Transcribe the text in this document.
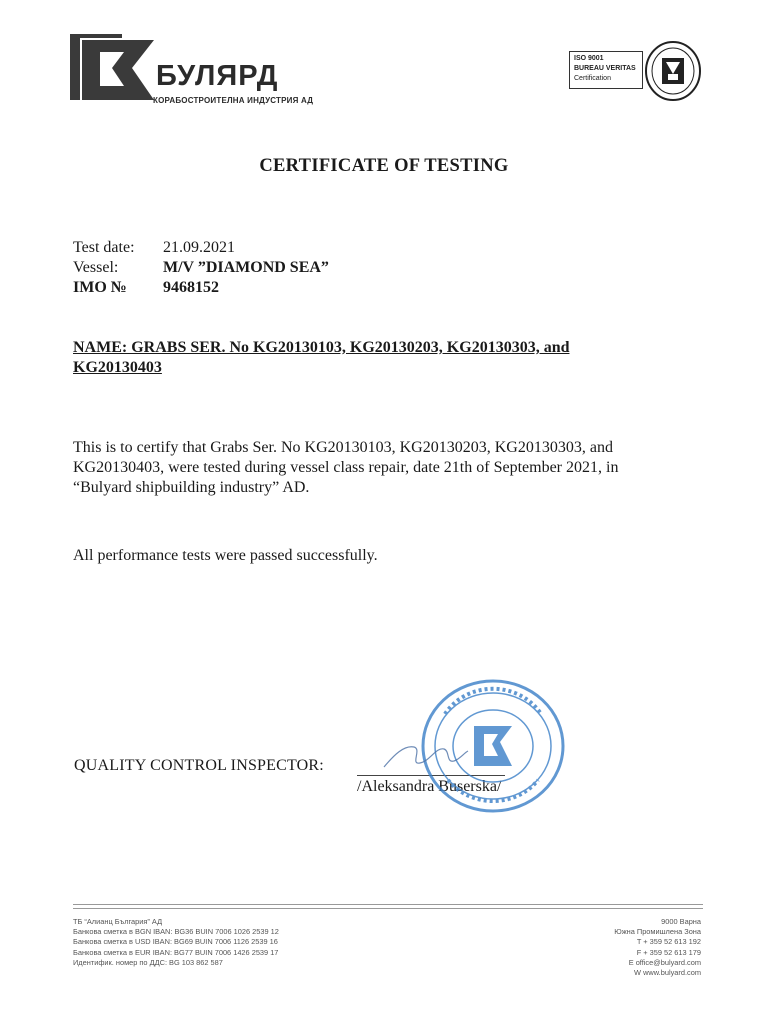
БУЛЯРД
КОРАБОСТРОИТЕЛНА ИНДУСТРИЯ АД
ISO 9001
BUREAU VERITAS
Certification
CERTIFICATE OF TESTING
Test date:	21.09.2021
Vessel:	M/V ”DIAMOND SEA”
IMO №	9468152
NAME: GRABS SER. No KG20130103, KG20130203, KG20130303, and
KG20130403
This is to certify that Grabs Ser. No KG20130103, KG20130203, KG20130303, and
KG20130403, were tested during vessel class repair, date 21th of September 2021, in
“Bulyard shipbuilding industry” AD.
All performance tests were passed successfully.
QUALITY CONTROL INSPECTOR:
/Aleksandra Buserska/
ТБ “Алианц България” АД
Банкова сметка в BGN IBAN: BG36 BUIN 7006 1026 2539 12
Банкова сметка в USD IBAN: BG69 BUIN 7006 1126 2539 16
Банкова сметка в EUR IBAN: BG77 BUIN 7006 1426 2539 17
Идентифик. номер по ДДС: BG 103 862 587
9000 Варна
Южна Промишлена Зона
T + 359 52 613 192
F + 359 52 613 179
E office@bulyard.com
W www.bulyard.com
